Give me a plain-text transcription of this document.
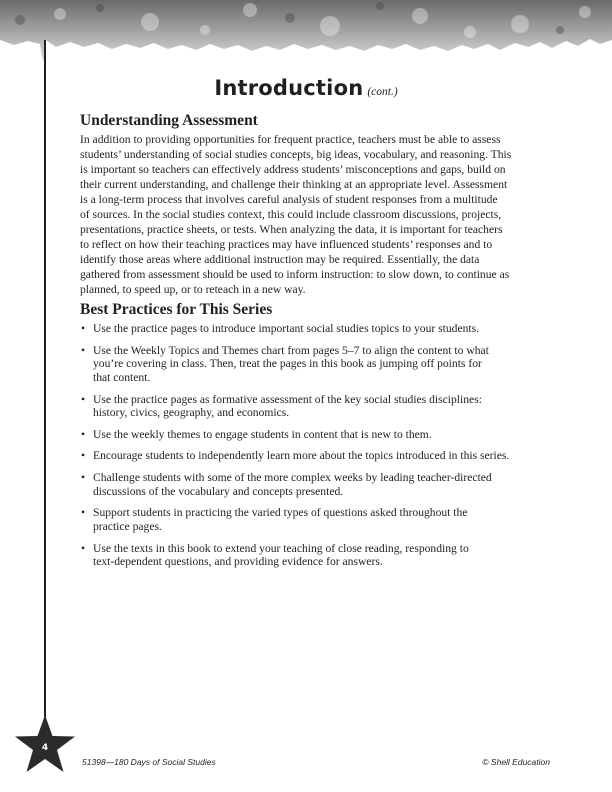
Introduction (cont.)
Understanding Assessment

In addition to providing opportunities for frequent practice, teachers must be able to assess
students’ understanding of social studies concepts, big ideas, vocabulary, and reasoning. This
is important so teachers can effectively address students’ misconceptions and gaps, build on
their current understanding, and challenge their thinking at an appropriate level. Assessment
is a long-term process that involves careful analysis of student responses from a multitude
of sources. In the social studies context, this could include classroom discussions, projects,
presentations, practice sheets, or tests. When analyzing the data, it is important for teachers
to reflect on how their teaching practices may have influenced students’ responses and to
identify those areas where additional instruction may be required. Essentially, the data
gathered from assessment should be used to inform instruction: to slow down, to continue as
planned, to speed up, or to reteach in a new way.

Best Practices for This Series
• Use the practice pages to introduce important social studies topics to your students.
• Use the Weekly Topics and Themes chart from pages 5–7 to align the content to what
you’re covering in class. Then, treat the pages in this book as jumping off points for
that content.
• Use the practice pages as formative assessment of the key social studies disciplines:
history, civics, geography, and economics.
• Use the weekly themes to engage students in content that is new to them.
• Encourage students to independently learn more about the topics introduced in this series.
• Challenge students with some of the more complex weeks by leading teacher-directed
discussions of the vocabulary and concepts presented.
• Support students in practicing the varied types of questions asked throughout the
practice pages.
• Use the texts in this book to extend your teaching of close reading, responding to
text-dependent questions, and providing evidence for answers.
4
51398—180 Days of Social Studies	© Shell Education
